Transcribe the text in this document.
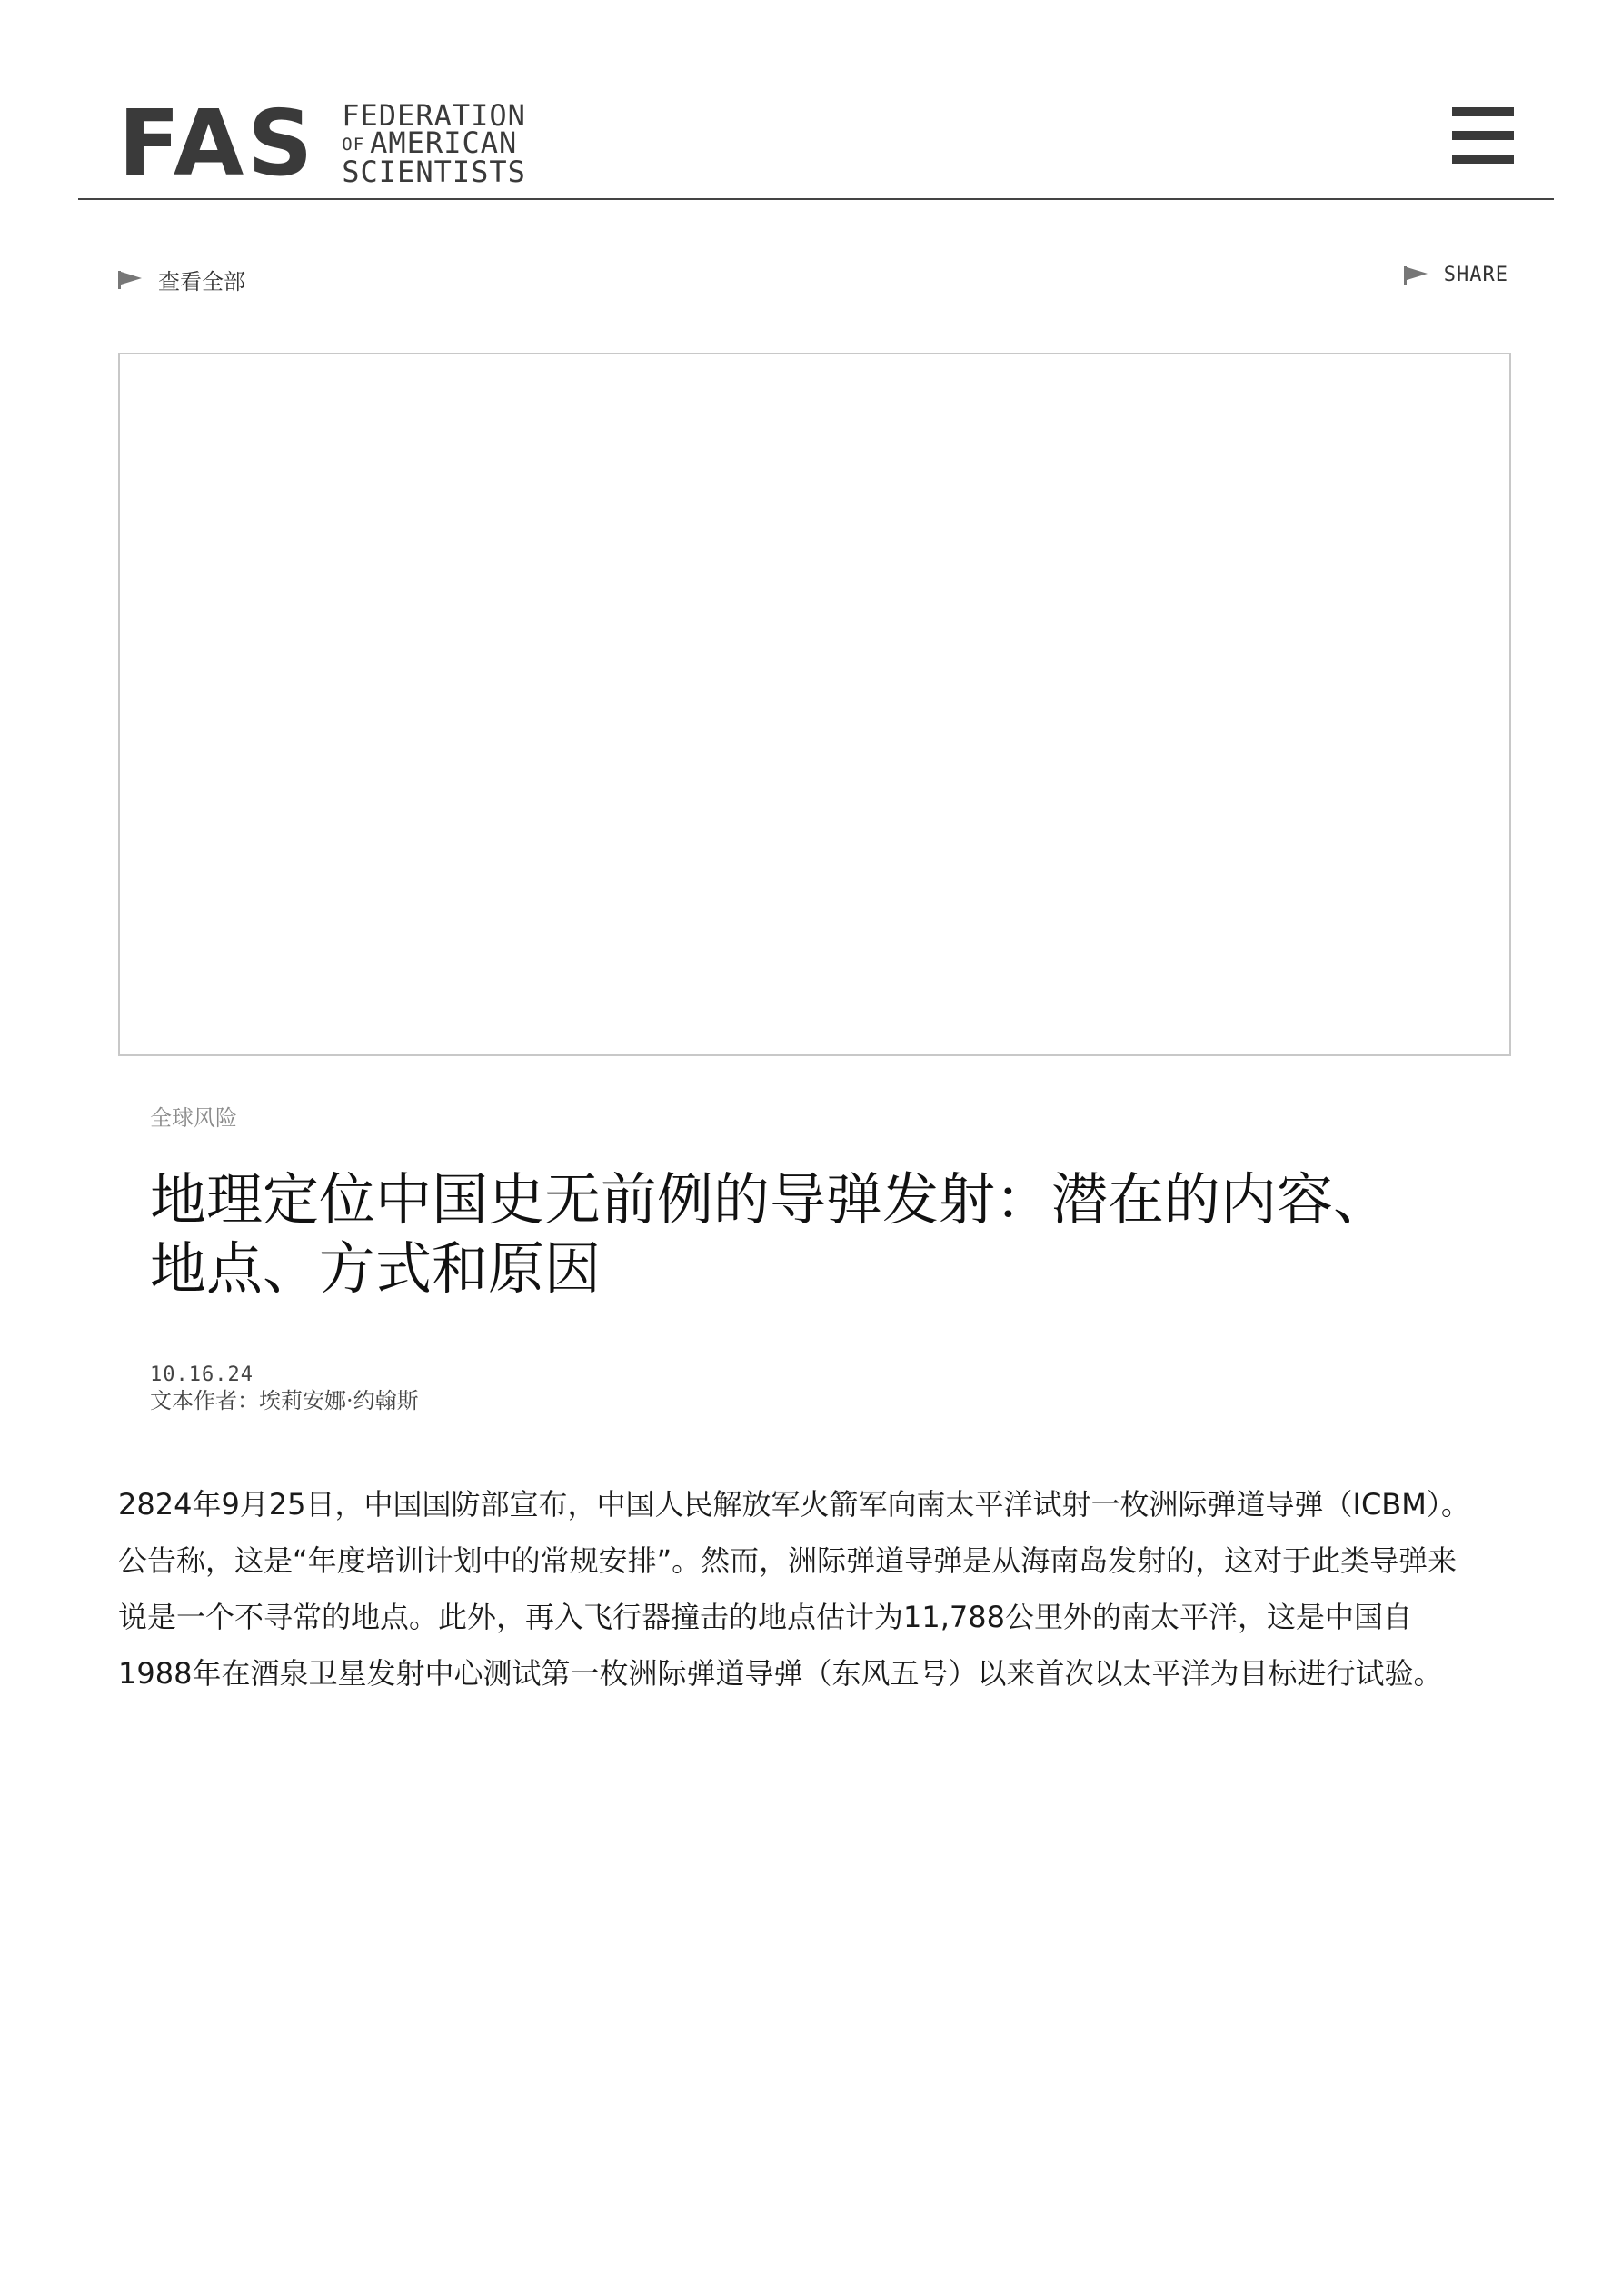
FAS FEDERATION
OF AMERICAN
SCIENTISTS
查看全部	SHARE
全球风险
地理定位中国史无前例的导弹发射：潜在的内容、
地点、方式和原因
10.16.24
文本作者：埃莉安娜·约翰斯

2824年9月25日，中国国防部宣布，中国人民解放军火箭军向南太平洋试射一枚洲际弹道导弹（ICBM）。公告称，这是“年度培训计划中的常规安排”。然而，洲际弹道导弹是从海南岛发射的，这对于此类导弹来说是一个不寻常的地点。此外，再入飞行器撞击的地点估计为11,788公里外的南太平洋，这是中国自1988年在酒泉卫星发射中心测试第一枚洲际弹道导弹（东风五号）以来首次以太平洋为目标进行试验。
